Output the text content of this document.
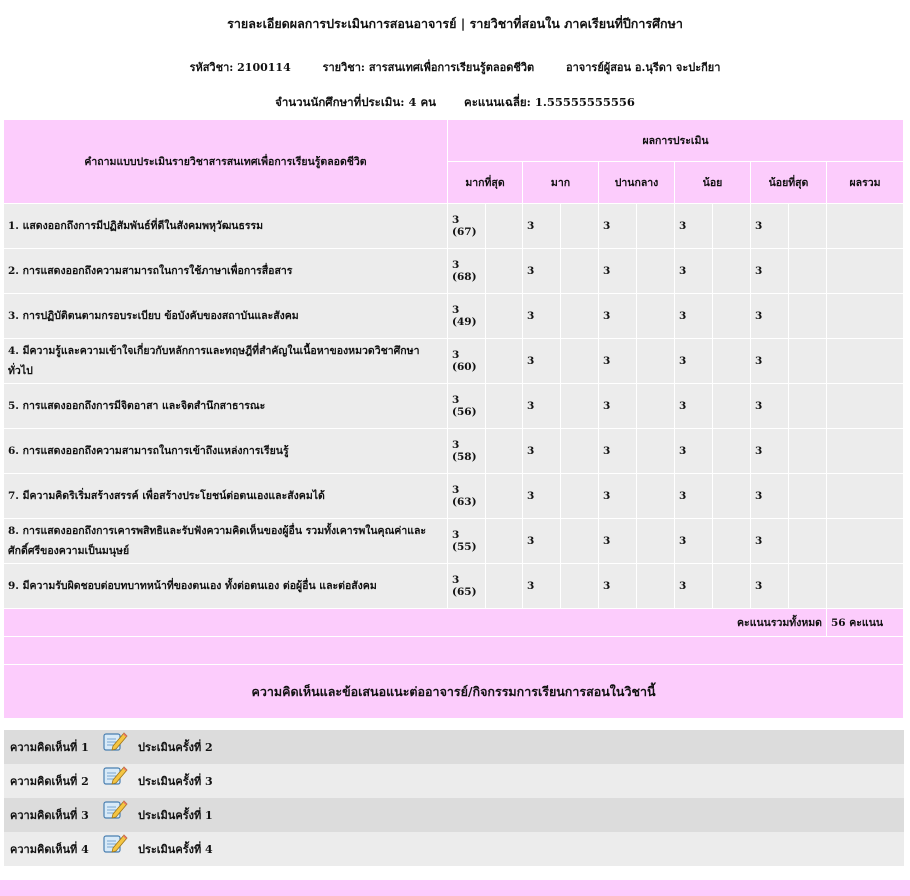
รายละเอียดผลการประเมินการสอนอาจารย์ | รายวิชาที่สอนใน ภาคเรียนที่ปีการศึกษา
รหัสวิชา: 2100114	รายวิชา: สารสนเทศเพื่อการเรียนรู้ตลอดชีวิต	อาจารย์ผู้สอน อ.นุรีดา จะปะกียา
จำนวนนักศึกษาที่ประเมิน: 4 คน คะแนนเฉลี่ย: 1.55555555556
คำถามแบบประเมินรายวิชาสารสนเทศเพื่อการเรียนรู้ตลอดชีวิต	ผลการประเมิน										
	มากที่สุด		มาก		ปานกลาง		น้อย		น้อยที่สุด		ผลรวม
1. แสดงออกถึงการมีปฏิสัมพันธ์ที่ดีในสังคมพหุวัฒนธรรม	3 (67)		3		3		3		3		
2. การแสดงออกถึงความสามารถในการใช้ภาษาเพื่อการสื่อสาร	3 (68)		3		3		3		3		
3. การปฏิบัติตนตามกรอบระเบียบ ข้อบังคับของสถาบันและสังคม	3 (49)		3		3		3		3		
4. มีความรู้และความเข้าใจเกี่ยวกับหลักการและทฤษฎีที่สำคัญในเนื้อหาของหมวดวิชาศึกษาทั่วไป	3 (60)		3		3		3		3		
5. การแสดงออกถึงการมีจิตอาสา และจิตสำนึกสาธารณะ	3 (56)		3		3		3		3		
6. การแสดงออกถึงความสามารถในการเข้าถึงแหล่งการเรียนรู้	3 (58)		3		3		3		3		
7. มีความคิดริเริ่มสร้างสรรค์ เพื่อสร้างประโยชน์ต่อตนเองและสังคมได้	3 (63)		3		3		3		3		
8. การแสดงออกถึงการเคารพสิทธิและรับฟังความคิดเห็นของผู้อื่น รวมทั้งเคารพในคุณค่าและศักดิ์ศรีของความเป็นมนุษย์	3 (55)		3		3		3		3		
9. มีความรับผิดชอบต่อบทบาทหน้าที่ของตนเอง ทั้งต่อตนเอง ต่อผู้อื่น และต่อสังคม	3 (65)		3		3		3		3		
คะแนนรวมทั้งหมด											56 คะแนน

ความคิดเห็นและข้อเสนอแนะต่ออาจารย์/กิจกรรมการเรียนการสอนในวิชานี้											
ความคิดเห็นที่ 1	ประเมินครั้งที่ 2
ความคิดเห็นที่ 2	ประเมินครั้งที่ 3
ความคิดเห็นที่ 3	ประเมินครั้งที่ 1
ความคิดเห็นที่ 4	ประเมินครั้งที่ 4
